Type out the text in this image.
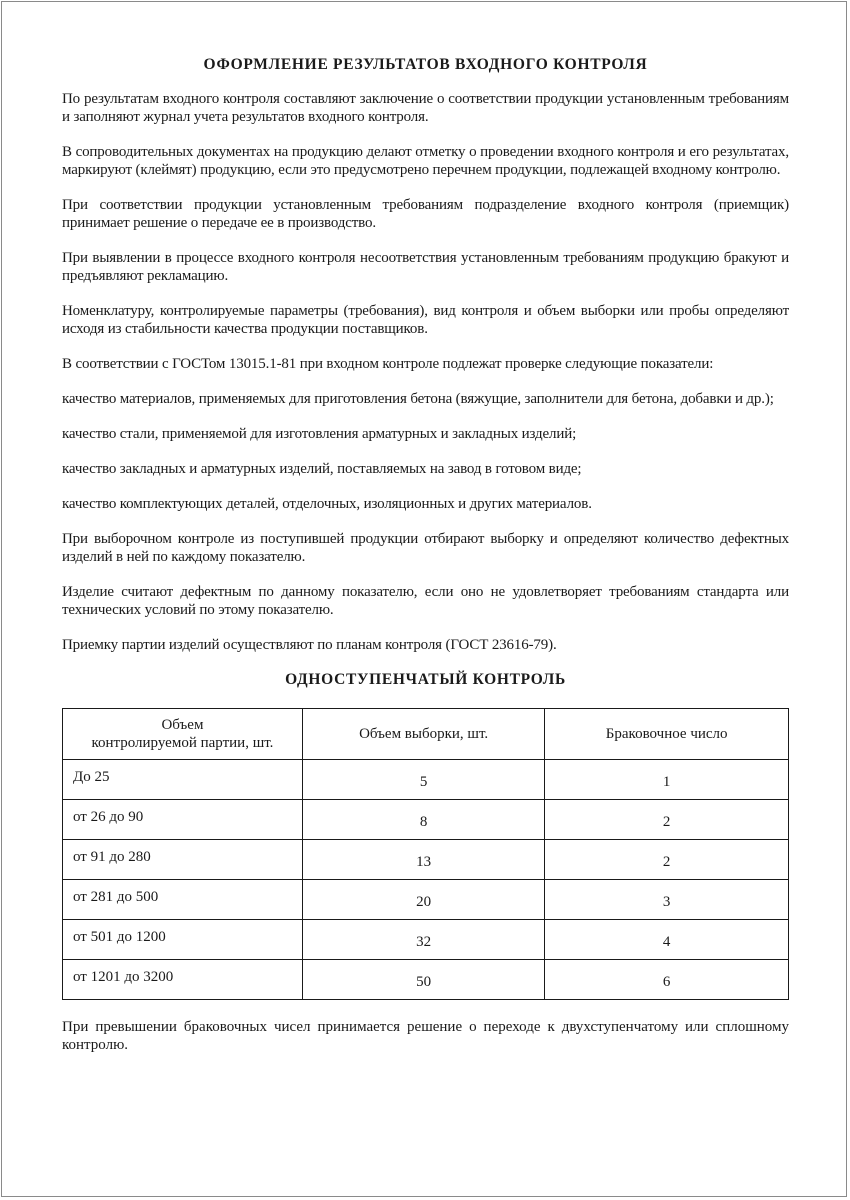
ОФОРМЛЕНИЕ РЕЗУЛЬТАТОВ ВХОДНОГО КОНТРОЛЯ

По результатам входного контроля составляют заключение о соответствии продукции установленным требованиям и заполняют журнал учета результатов входного контроля.

В сопроводительных документах на продукцию делают отметку о проведении входного контроля и его результатах, маркируют (клеймят) продукцию, если это предусмотрено перечнем продукции, подлежащей входному контролю.

При соответствии продукции установленным требованиям подразделение входного контроля (приемщик) принимает решение о передаче ее в производство.

При выявлении в процессе входного контроля несоответствия установленным требованиям продукцию бракуют и предъявляют рекламацию.

Номенклатуру, контролируемые параметры (требования), вид контроля и объем выборки или пробы определяют исходя из стабильности качества продукции поставщиков.

В соответствии с ГОСТом 13015.1-81 при входном контроле подлежат проверке следующие показатели:

качество материалов, применяемых для приготовления бетона (вяжущие, заполнители для бетона, добавки и др.);

качество стали, применяемой для изготовления арматурных и закладных изделий;

качество закладных и арматурных изделий, поставляемых на завод в готовом виде;

качество комплектующих деталей, отделочных, изоляционных и других материалов.

При выборочном контроле из поступившей продукции отбирают выборку и определяют количество дефектных изделий в ней по каждому показателю.

Изделие считают дефектным по данному показателю, если оно не удовлетворяет требованиям стандарта или технических условий по этому показателю.

Приемку партии изделий осуществляют по планам контроля (ГОСТ 23616-79).

ОДНОСТУПЕНЧАТЫЙ КОНТРОЛЬ
Объем
контролируемой партии, шт.	Объем выборки, шт.	Браковочное число
До 25	5	1
от 26 до 90	8	2
от 91 до 280	13	2
от 281 до 500	20	3
от 501 до 1200	32	4
от 1201 до 3200	50	6

При превышении браковочных чисел принимается решение о переходе к двухступенчатому или сплошному контролю.
